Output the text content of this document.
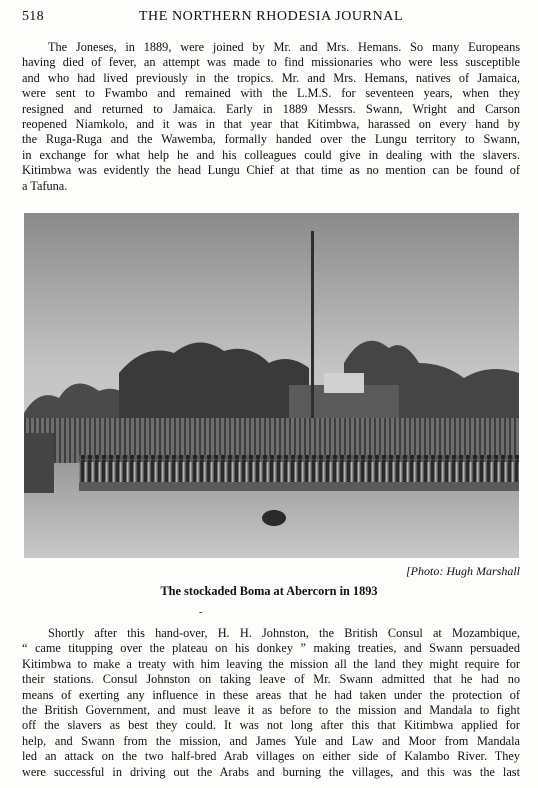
518	THE NORTHERN RHODESIA JOURNAL
The Joneses, in 1889, were joined by Mr. and Mrs. Hemans. So many Europeans
having died of fever, an attempt was made to find missionaries who were less susceptible
and who had lived previously in the tropics. Mr. and Mrs. Hemans, natives of Jamaica,
were sent to Fwambo and remained with the L.M.S. for seventeen years, when they
resigned and returned to Jamaica. Early in 1889 Messrs. Swann, Wright and Carson
reopened Niamkolo, and it was in that year that Kitimbwa, harassed on every hand by
the Ruga-Ruga and the Wawemba, formally handed over the Lungu territory to Swann,
in exchange for what help he and his colleagues could give in dealing with the slavers.
Kitimbwa was evidently the head Lungu Chief at that time as no mention can be found of
a Tafuna.
[Photo: Hugh Marshall
The stockaded Boma at Abercorn in 1893
-
Shortly after this hand-over, H. H. Johnston, the British Consul at Mozambique,
“ came titupping over the plateau on his donkey ” making treaties, and Swann persuaded
Kitimbwa to make a treaty with him leaving the mission all the land they might require for
their stations. Consul Johnston on taking leave of Mr. Swann admitted that he had no
means of exerting any influence in these areas that he had taken under the protection of
the British Government, and must leave it as before to the mission and Mandala to fight
off the slavers as best they could. It was not long after this that Kitimbwa applied for
help, and Swann from the mission, and James Yule and Law and Moor from Mandala
led an attack on the two half-bred Arab villages on either side of Kalambo River. They
were successful in driving out the Arabs and burning the villages, and this was the last
